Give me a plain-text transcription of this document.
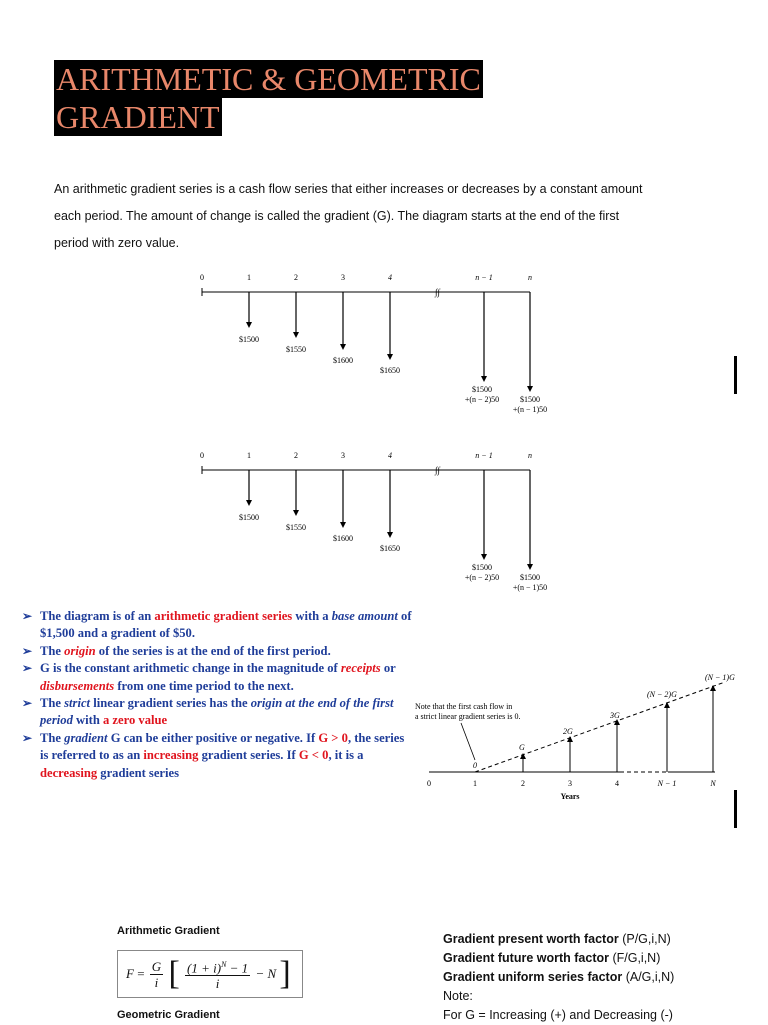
ARITHMETIC & GEOMETRIC
GRADIENT

An arithmetic gradient series is a cash flow series that either increases or decreases by a constant amount each period. The amount of change is called the gradient (G). The diagram starts at the end of the first period with zero value.

0	1	2	3	4	n − 1	n
∫∫
$1500
$1550
$1600
$1650
$1500
+(n − 2)50	$1500
+(n − 1)50
0	1	2	3	4	n − 1	n
∫∫
$1500
$1550
$1600
$1650
$1500
+(n − 2)50	$1500
+(n − 1)50
➢ The diagram is of an arithmetic gradient series with a base amount of $1,500 and a gradient of $50.
➢ The origin of the series is at the end of the first period.
➢ G is the constant arithmetic change in the magnitude of receipts or disbursements from one time period to the next.
➢ The strict linear gradient series has the origin at the end of the first period with a zero value
➢ The gradient G can be either positive or negative. If G > 0, the series is referred to as an increasing gradient series. If G < 0, it is a decreasing gradient series
Note that the first cash flow in
a strict linear gradient series is 0.
0
G
2G
3G
(N − 2)G
(N − 1)G
0	1	2	3	4	N − 1	N
Years
Arithmetic Gradient
$F = \frac{G}{i}$ [ $\frac{(1 + i)^N - 1}{i} - N$ ]
Geometric Gradient
Gradient present worth factor (P/G,i,N)
Gradient future worth factor (F/G,i,N)
Gradient uniform series factor (A/G,i,N)
Note:
For G = Increasing (+) and Decreasing (-)
